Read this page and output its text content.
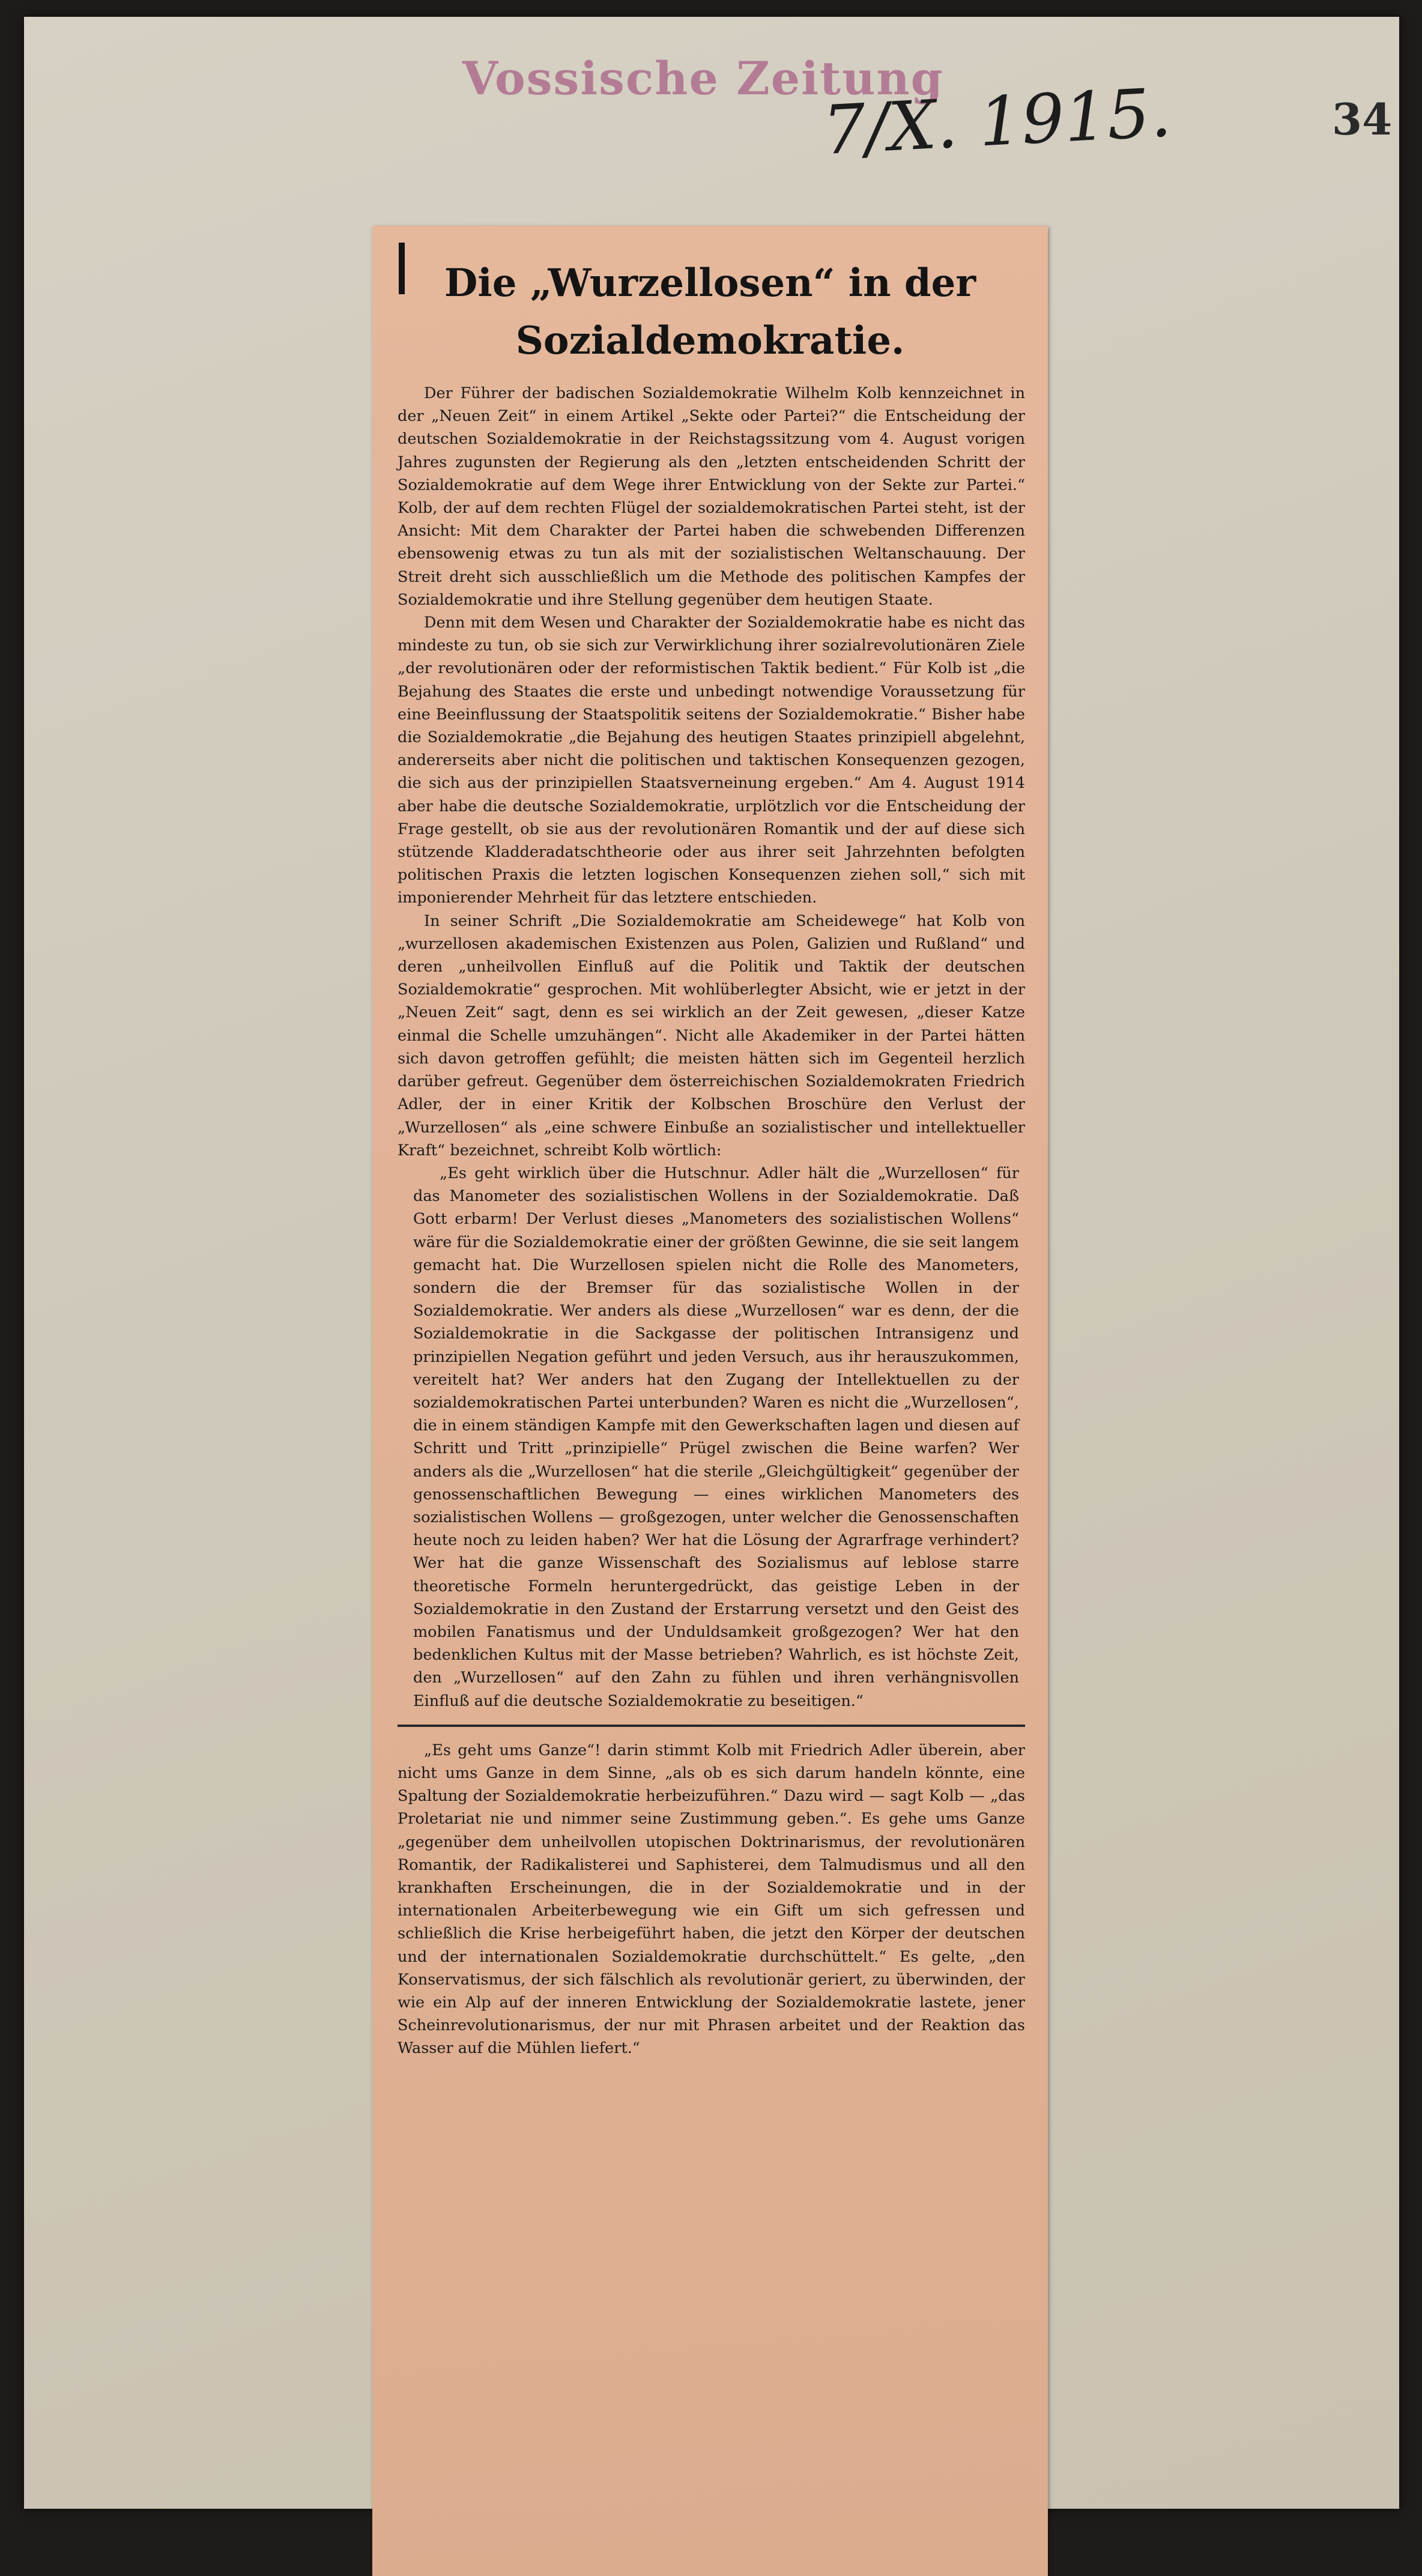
Vossische Zeitung
7/X. 1915.	34
Die „Wurzellosen“ in der
Sozialdemokratie.

Der Führer der badischen Sozialdemokratie Wilhelm Kolb kennzeichnet in der „Neuen Zeit“ in einem Artikel „Sekte oder Partei?“ die Entscheidung der deutschen Sozialdemokratie in der Reichstagssitzung vom 4. August vorigen Jahres zugunsten der Regierung als den „letzten entscheidenden Schritt der Sozialdemokratie auf dem Wege ihrer Entwicklung von der Sekte zur Partei.“ Kolb, der auf dem rechten Flügel der sozialdemokratischen Partei steht, ist der Ansicht: Mit dem Charakter der Partei haben die schwebenden Differenzen ebensowenig etwas zu tun als mit der sozialistischen Weltanschauung. Der Streit dreht sich ausschließlich um die Methode des politischen Kampfes der Sozialdemokratie und ihre Stellung gegenüber dem heutigen Staate.

Denn mit dem Wesen und Charakter der Sozialdemokratie habe es nicht das mindeste zu tun, ob sie sich zur Verwirklichung ihrer sozialrevolutionären Ziele „der revolutionären oder der reformistischen Taktik bedient.“ Für Kolb ist „die Bejahung des Staates die erste und unbedingt notwendige Voraussetzung für eine Beeinflussung der Staatspolitik seitens der Sozialdemokratie.“ Bisher habe die Sozialdemokratie „die Bejahung des heutigen Staates prinzipiell abgelehnt, andererseits aber nicht die politischen und taktischen Konsequenzen gezogen, die sich aus der prinzipiellen Staatsverneinung ergeben.“ Am 4. August 1914 aber habe die deutsche Sozialdemokratie, urplötzlich vor die Entscheidung der Frage gestellt, ob sie aus der revolutionären Romantik und der auf diese sich stützende Kladderadatschtheorie oder aus ihrer seit Jahrzehnten befolgten politischen Praxis die letzten logischen Konsequenzen ziehen soll,“ sich mit imponierender Mehrheit für das letztere entschieden.

In seiner Schrift „Die Sozialdemokratie am Scheidewege“ hat Kolb von „wurzellosen akademischen Existenzen aus Polen, Galizien und Rußland“ und deren „unheilvollen Einfluß auf die Politik und Taktik der deutschen Sozialdemokratie“ gesprochen. Mit wohlüberlegter Absicht, wie er jetzt in der „Neuen Zeit“ sagt, denn es sei wirklich an der Zeit gewesen, „dieser Katze einmal die Schelle umzuhängen“. Nicht alle Akademiker in der Partei hätten sich davon getroffen gefühlt; die meisten hätten sich im Gegenteil herzlich darüber gefreut. Gegenüber dem österreichischen Sozialdemokraten Friedrich Adler, der in einer Kritik der Kolbschen Broschüre den Verlust der „Wurzellosen“ als „eine schwere Einbuße an sozialistischer und intellektueller Kraft“ bezeichnet, schreibt Kolb wörtlich:

„Es geht wirklich über die Hutschnur. Adler hält die „Wurzellosen“ für das Manometer des sozialistischen Wollens in der Sozialdemokratie. Daß Gott erbarm! Der Verlust dieses „Manometers des sozialistischen Wollens“ wäre für die Sozialdemokratie einer der größten Gewinne, die sie seit langem gemacht hat. Die Wurzellosen spielen nicht die Rolle des Manometers, sondern die der Bremser für das sozialistische Wollen in der Sozialdemokratie. Wer anders als diese „Wurzellosen“ war es denn, der die Sozialdemokratie in die Sackgasse der politischen Intransigenz und prinzipiellen Negation geführt und jeden Versuch, aus ihr herauszukommen, vereitelt hat? Wer anders hat den Zugang der Intellektuellen zu der sozialdemokratischen Partei unterbunden? Waren es nicht die „Wurzellosen“, die in einem ständigen Kampfe mit den Gewerkschaften lagen und diesen auf Schritt und Tritt „prinzipielle“ Prügel zwischen die Beine warfen? Wer anders als die „Wurzellosen“ hat die sterile „Gleichgültigkeit“ gegenüber der genossenschaftlichen Bewegung — eines wirklichen Manometers des sozialistischen Wollens — großgezogen, unter welcher die Genossenschaften heute noch zu leiden haben? Wer hat die Lösung der Agrarfrage verhindert? Wer hat die ganze Wissenschaft des Sozialismus auf leblose starre theoretische Formeln heruntergedrückt, das geistige Leben in der Sozialdemokratie in den Zustand der Erstarrung versetzt und den Geist des mobilen Fanatismus und der Unduldsamkeit großgezogen? Wer hat den bedenklichen Kultus mit der Masse betrieben? Wahrlich, es ist höchste Zeit, den „Wurzellosen“ auf den Zahn zu fühlen und ihren verhängnisvollen Einfluß auf die deutsche Sozialdemokratie zu beseitigen.“

„Es geht ums Ganze“! darin stimmt Kolb mit Friedrich Adler überein, aber nicht ums Ganze in dem Sinne, „als ob es sich darum handeln könnte, eine Spaltung der Sozialdemokratie herbeizuführen.“ Dazu wird — sagt Kolb — „das Proletariat nie und nimmer seine Zustimmung geben.“. Es gehe ums Ganze „gegenüber dem unheilvollen utopischen Doktrinarismus, der revolutionären Romantik, der Radikalisterei und Saphisterei, dem Talmudismus und all den krankhaften Erscheinungen, die in der Sozialdemokratie und in der internationalen Arbeiterbewegung wie ein Gift um sich gefressen und schließlich die Krise herbeigeführt haben, die jetzt den Körper der deutschen und der internationalen Sozialdemokratie durchschüttelt.“ Es gelte, „den Konservatismus, der sich fälschlich als revolutionär geriert, zu überwinden, der wie ein Alp auf der inneren Entwicklung der Sozialdemokratie lastete, jener Scheinrevolutionarismus, der nur mit Phrasen arbeitet und der Reaktion das Wasser auf die Mühlen liefert.“
